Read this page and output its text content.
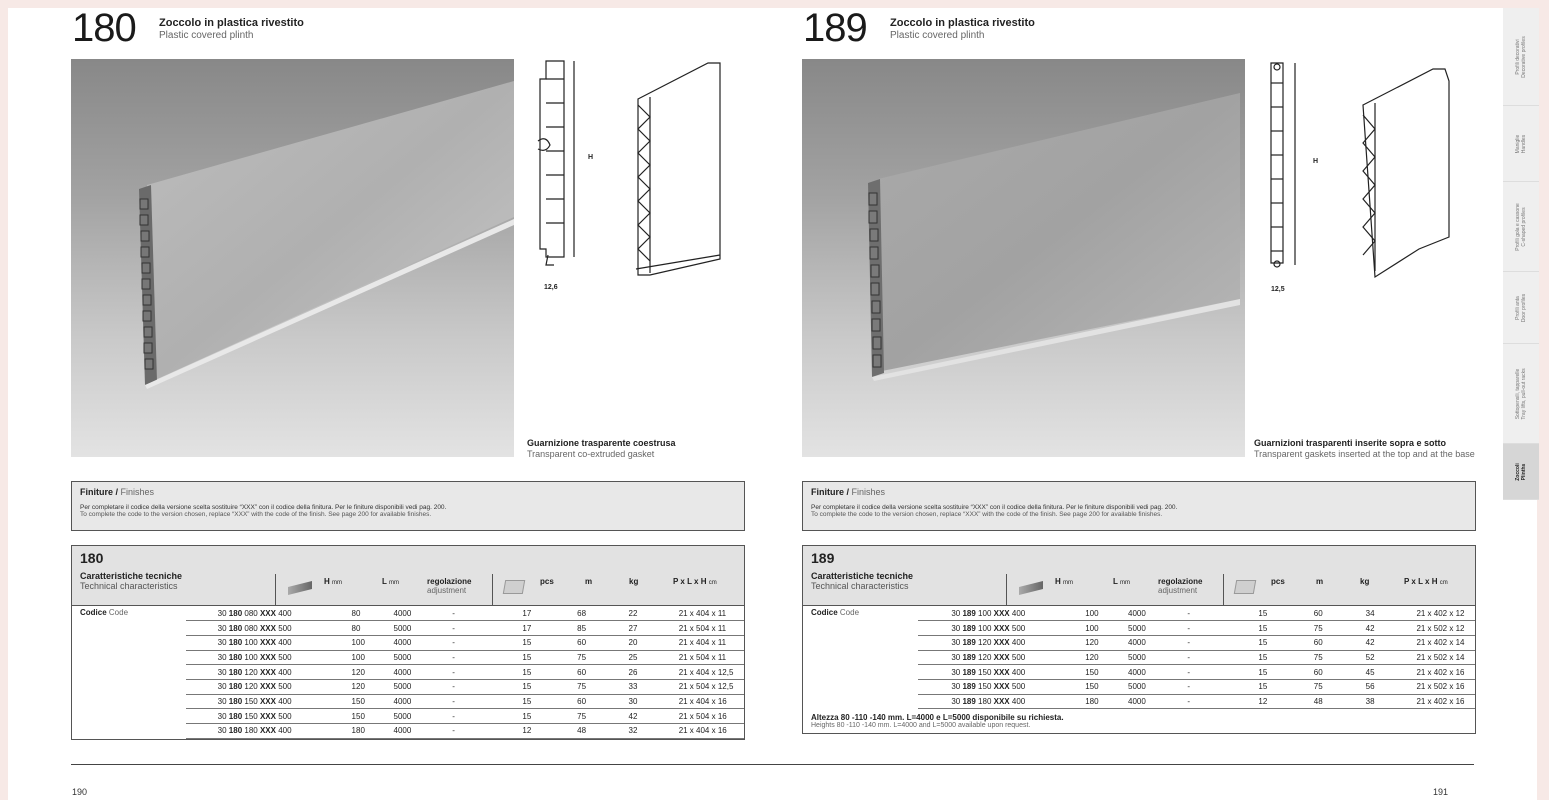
180 Zoccolo in plastica rivestito
Plastic covered plinth
H
12,6
Guarnizione trasparente coestrusa
Transparent co-extruded gasket
Finiture / Finishes
Per completare il codice della versione scelta sostituire “XXX” con il codice della finitura. Per le finiture disponibili vedi pag. 200.
To complete the code to the version chosen, replace “XXX” with the code of the finish. See page 200 for available finishes.
180
Caratteristiche tecniche
Technical characteristics	H mm	L mm	regolazione
adjustment
pcs	m	kg	P x L x H cm
Codice Code	30 180 080 XXX 400	80	4000	-	17	68	22	21 x 404 x 11
	30 180 080 XXX 500	80	5000	-	17	85	27	21 x 504 x 11
	30 180 100 XXX 400	100	4000	-	15	60	20	21 x 404 x 11
	30 180 100 XXX 500	100	5000	-	15	75	25	21 x 504 x 11
	30 180 120 XXX 400	120	4000	-	15	60	26	21 x 404 x 12,5
	30 180 120 XXX 500	120	5000	-	15	75	33	21 x 504 x 12,5
	30 180 150 XXX 400	150	4000	-	15	60	30	21 x 404 x 16
	30 180 150 XXX 500	150	5000	-	15	75	42	21 x 504 x 16
	30 180 180 XXX 400	180	4000	-	12	48	32	21 x 404 x 16
190
189 Zoccolo in plastica rivestito
Plastic covered plinth
H
12,5
Guarnizioni trasparenti inserite sopra e sotto
Transparent gaskets inserted at the top and at the base
Finiture / Finishes
Per completare il codice della versione scelta sostituire “XXX” con il codice della finitura. Per le finiture disponibili vedi pag. 200.
To complete the code to the version chosen, replace “XXX” with the code of the finish. See page 200 for available finishes.
189
Caratteristiche tecniche
Technical characteristics	H mm	L mm	regolazione
adjustment
pcs	m	kg	P x L x H cm
Codice Code	30 189 100 XXX 400	100	4000	-	15	60	34	21 x 402 x 12
	30 189 100 XXX 500	100	5000	-	15	75	42	21 x 502 x 12
	30 189 120 XXX 400	120	4000	-	15	60	42	21 x 402 x 14
	30 189 120 XXX 500	120	5000	-	15	75	52	21 x 502 x 14
	30 189 150 XXX 400	150	4000	-	15	60	45	21 x 402 x 16
	30 189 150 XXX 500	150	5000	-	15	75	56	21 x 502 x 16
	30 189 180 XXX 400	180	4000	-	12	48	38	21 x 402 x 16
Altezza 80 -110 -140 mm. L=4000 e L=5000 disponibile su richiesta.
Heights 80 -110 -140 mm. L=4000 and L=5000 available upon request.
191
Profili decorativi
Decorative profiles
Maniglie
Handles
Profili gola e cassone
C-shaped profiles
Profili anta
Door profiles
Sottopensili, tapparelle
Tray lifts, pull-out racks
Zoccoli
Plinths
